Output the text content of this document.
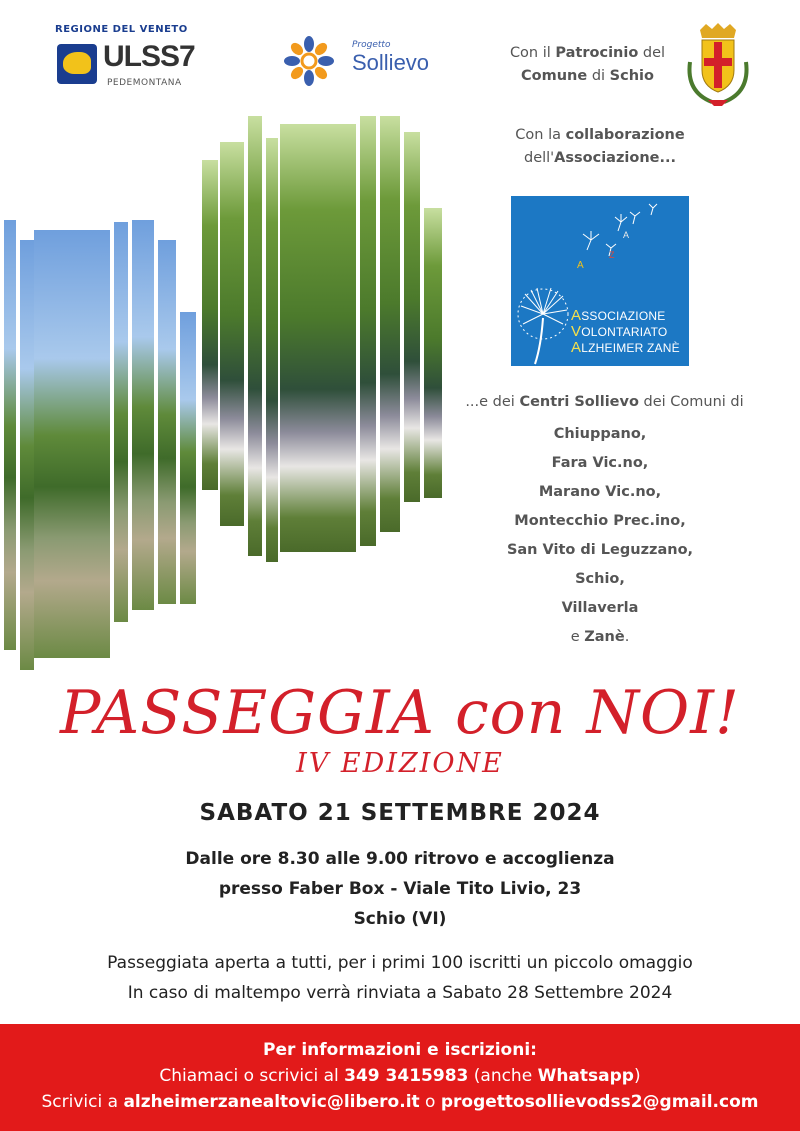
REGIONE DEL VENETO
ULSS7
PEDEMONTANA
Progetto
Sollievo	Con il Patrocinio del
Comune di Schio
Con la collaborazione
dell'Associazione...
A
Z
A
ASSOCIAZIONE
VOLONTARIATO
ALZHEIMER ZANÈ
...e dei Centri Sollievo dei Comuni di
Chiuppano,
Fara Vic.no,
Marano Vic.no,
Montecchio Prec.ino,
San Vito di Leguzzano,
Schio,
Villaverla
e Zanè.
PASSEGGIA con NOI!
IV EDIZIONE
SABATO 21 SETTEMBRE 2024
Dalle ore 8.30 alle 9.00 ritrovo e accoglienza
presso Faber Box - Viale Tito Livio, 23
Schio (VI)
Passeggiata aperta a tutti, per i primi 100 iscritti un piccolo omaggio
In caso di maltempo verrà rinviata a Sabato 28 Settembre 2024
Per informazioni e iscrizioni:
Chiamaci o scrivici al 349 3415983 (anche Whatsapp)
Scrivici a alzheimerzanealtovic@libero.it o progettosollievodss2@gmail.com
